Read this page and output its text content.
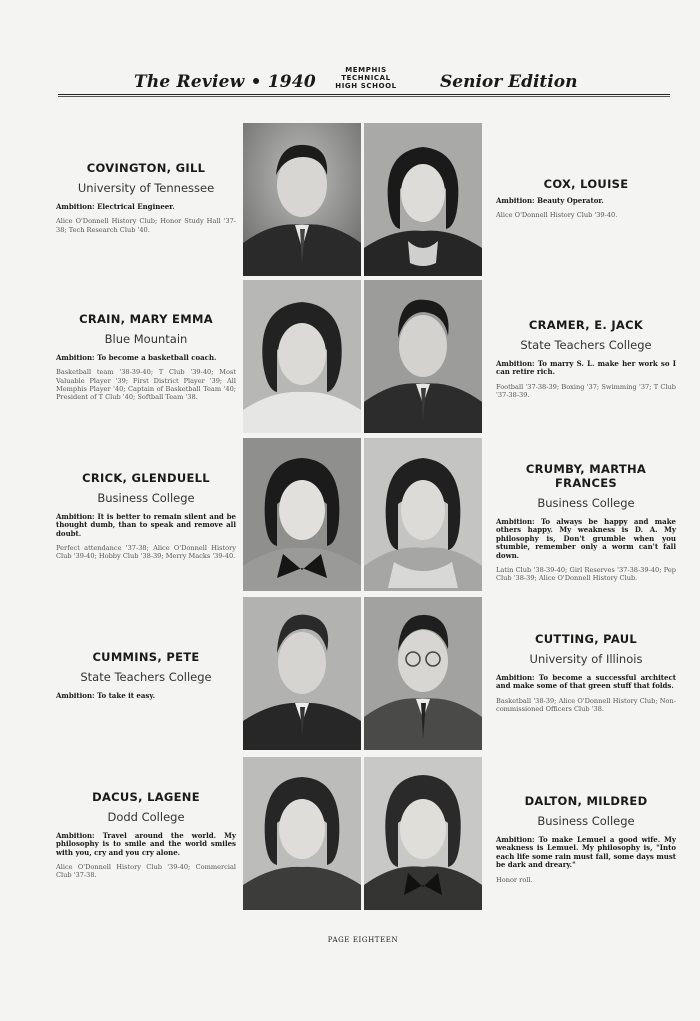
The Review • 1940
MEMPHIS
TECHNICAL
HIGH SCHOOL	Senior Edition
COVINGTON, GILL
University of Tennessee
Ambition: Electrical Engineer.
Alice O'Donnell History Club; Honor Study Hall '37-38; Tech Research Club '40.
COX, LOUISE
Ambition: Beauty Operator.
Alice O'Donnell History Club '39-40.
CRAIN, MARY EMMA
Blue Mountain
Ambition: To become a basketball coach.
Basketball team '38-39-40; T Club '39-40; Most Valuable Player '39; First District Player '39; All Memphis Player '40; Captain of Basketball Team '40; President of T Club '40; Softball Team '38.
CRAMER, E. JACK
State Teachers College
Ambition: To marry S. L. make her work so I can retire rich.
Football '37-38-39; Boxing '37; Swimming '37; T Club '37-38-39.
CRICK, GLENDUELL
Business College
Ambition: It is better to remain silent and be thought dumb, than to speak and remove all doubt.
Perfect attendance '37-38; Alice O'Donnell History Club '39-40; Hobby Club '38-39; Merry Macks '39-40.
CRUMBY, MARTHA FRANCES
Business College
Ambition: To always be happy and make others happy. My weakness is D. A. My philosophy is, Don't grumble when you stumble, remember only a worm can't fall down.
Latin Club '38-39-40; Girl Reserves '37-38-39-40; Pep Club '38-39; Alice O'Donnell History Club.
CUMMINS, PETE
State Teachers College
Ambition: To take it easy.
CUTTING, PAUL
University of Illinois
Ambition: To become a successful architect and make some of that green stuff that folds.
Basketball '38-39; Alice O'Donnell History Club; Non-commissioned Officers Club '38.
DACUS, LAGENE
Dodd College
Ambition: Travel around the world. My philosophy is to smile and the world smiles with you, cry and you cry alone.
Alice O'Donnell History Club '39-40; Commercial Club '37-38.
DALTON, MILDRED
Business College
Ambition: To make Lemuel a good wife. My weakness is Lemuel. My philosophy is, "Into each life some rain must fall, some days must be dark and dreary."
Honor roll.
PAGE EIGHTEEN
